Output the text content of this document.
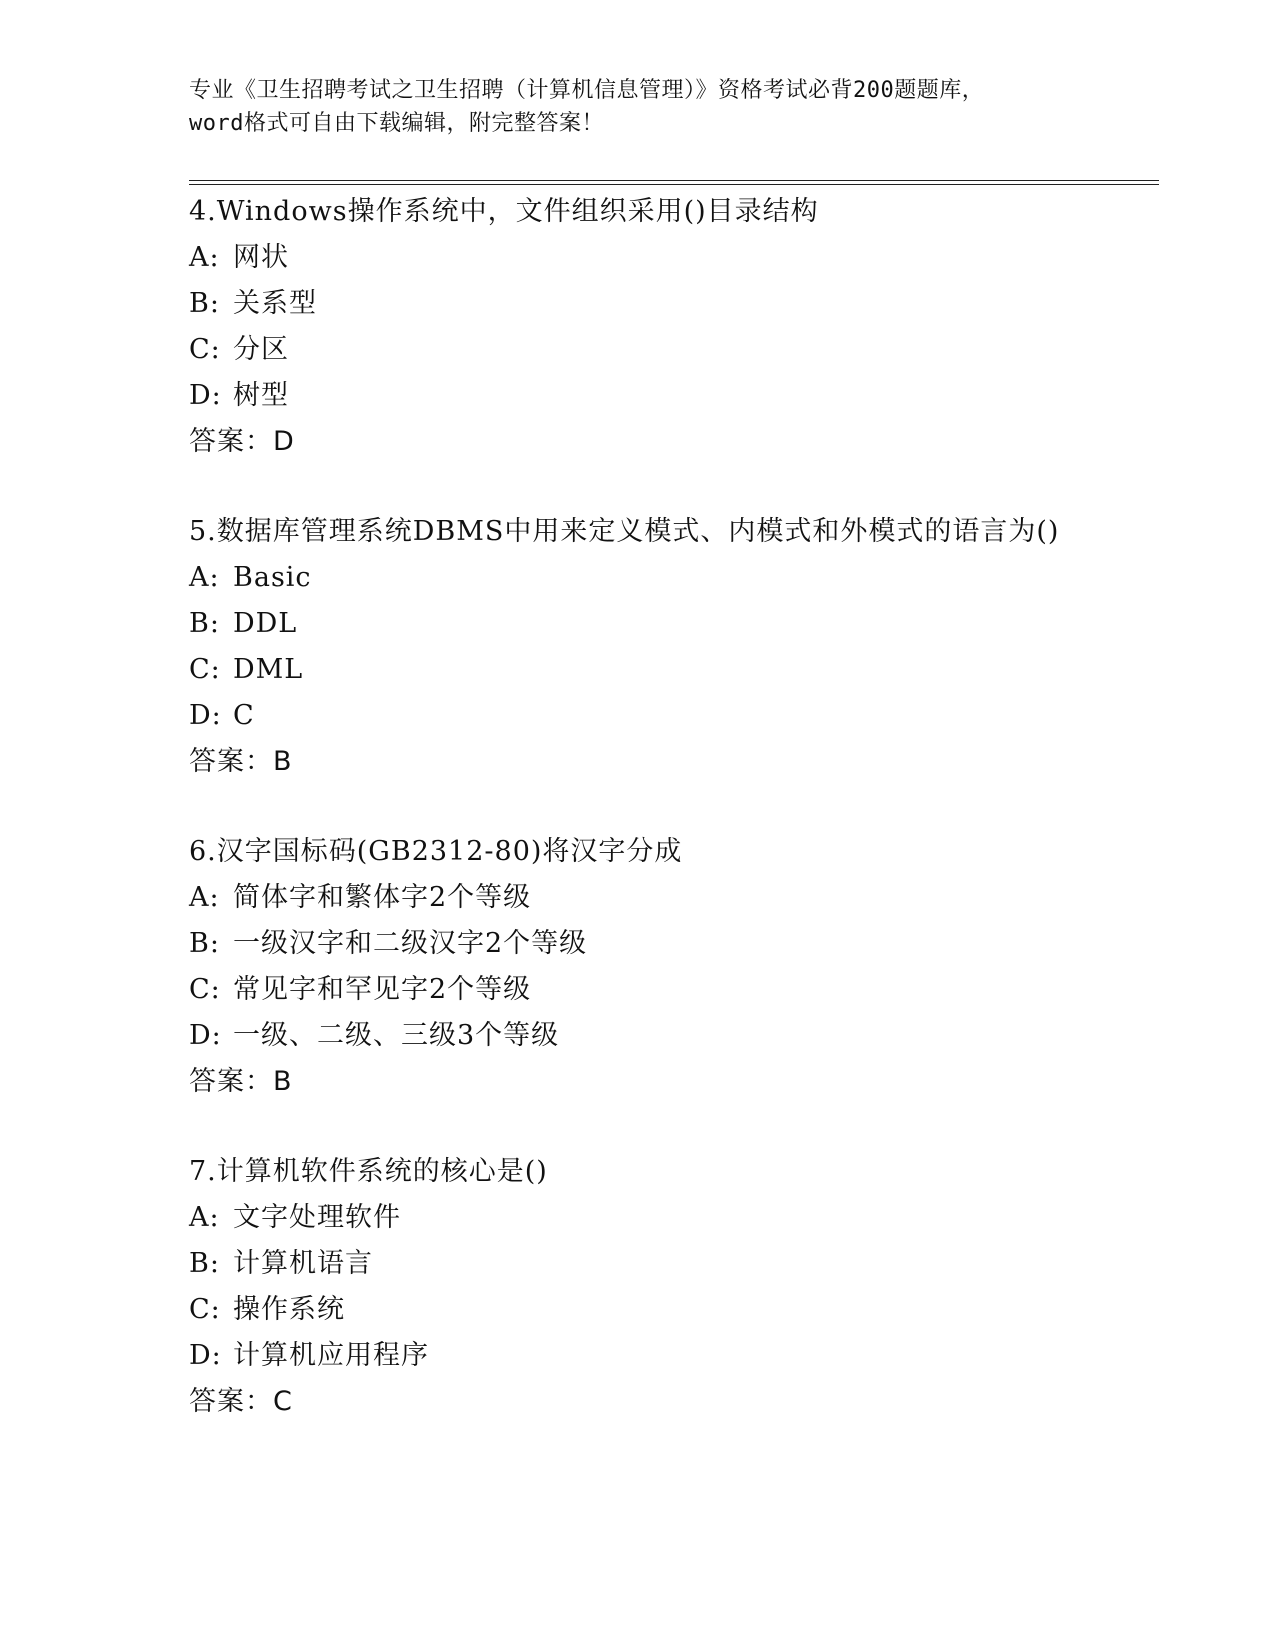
专业《卫生招聘考试之卫生招聘（计算机信息管理）》资格考试必背200题题库，
word格式可自由下载编辑，附完整答案！
4.Windows操作系统中，文件组织采用()目录结构
A: 网状
B: 关系型
C: 分区
D: 树型
答案：D
5.数据库管理系统DBMS中用来定义模式、内模式和外模式的语言为()
A: Basic
B: DDL
C: DML
D: C
答案：B
6.汉字国标码(GB2312-80)将汉字分成
A: 简体字和繁体字2个等级
B: 一级汉字和二级汉字2个等级
C: 常见字和罕见字2个等级
D: 一级、二级、三级3个等级
答案：B
7.计算机软件系统的核心是()
A: 文字处理软件
B: 计算机语言
C: 操作系统
D: 计算机应用程序
答案：C
